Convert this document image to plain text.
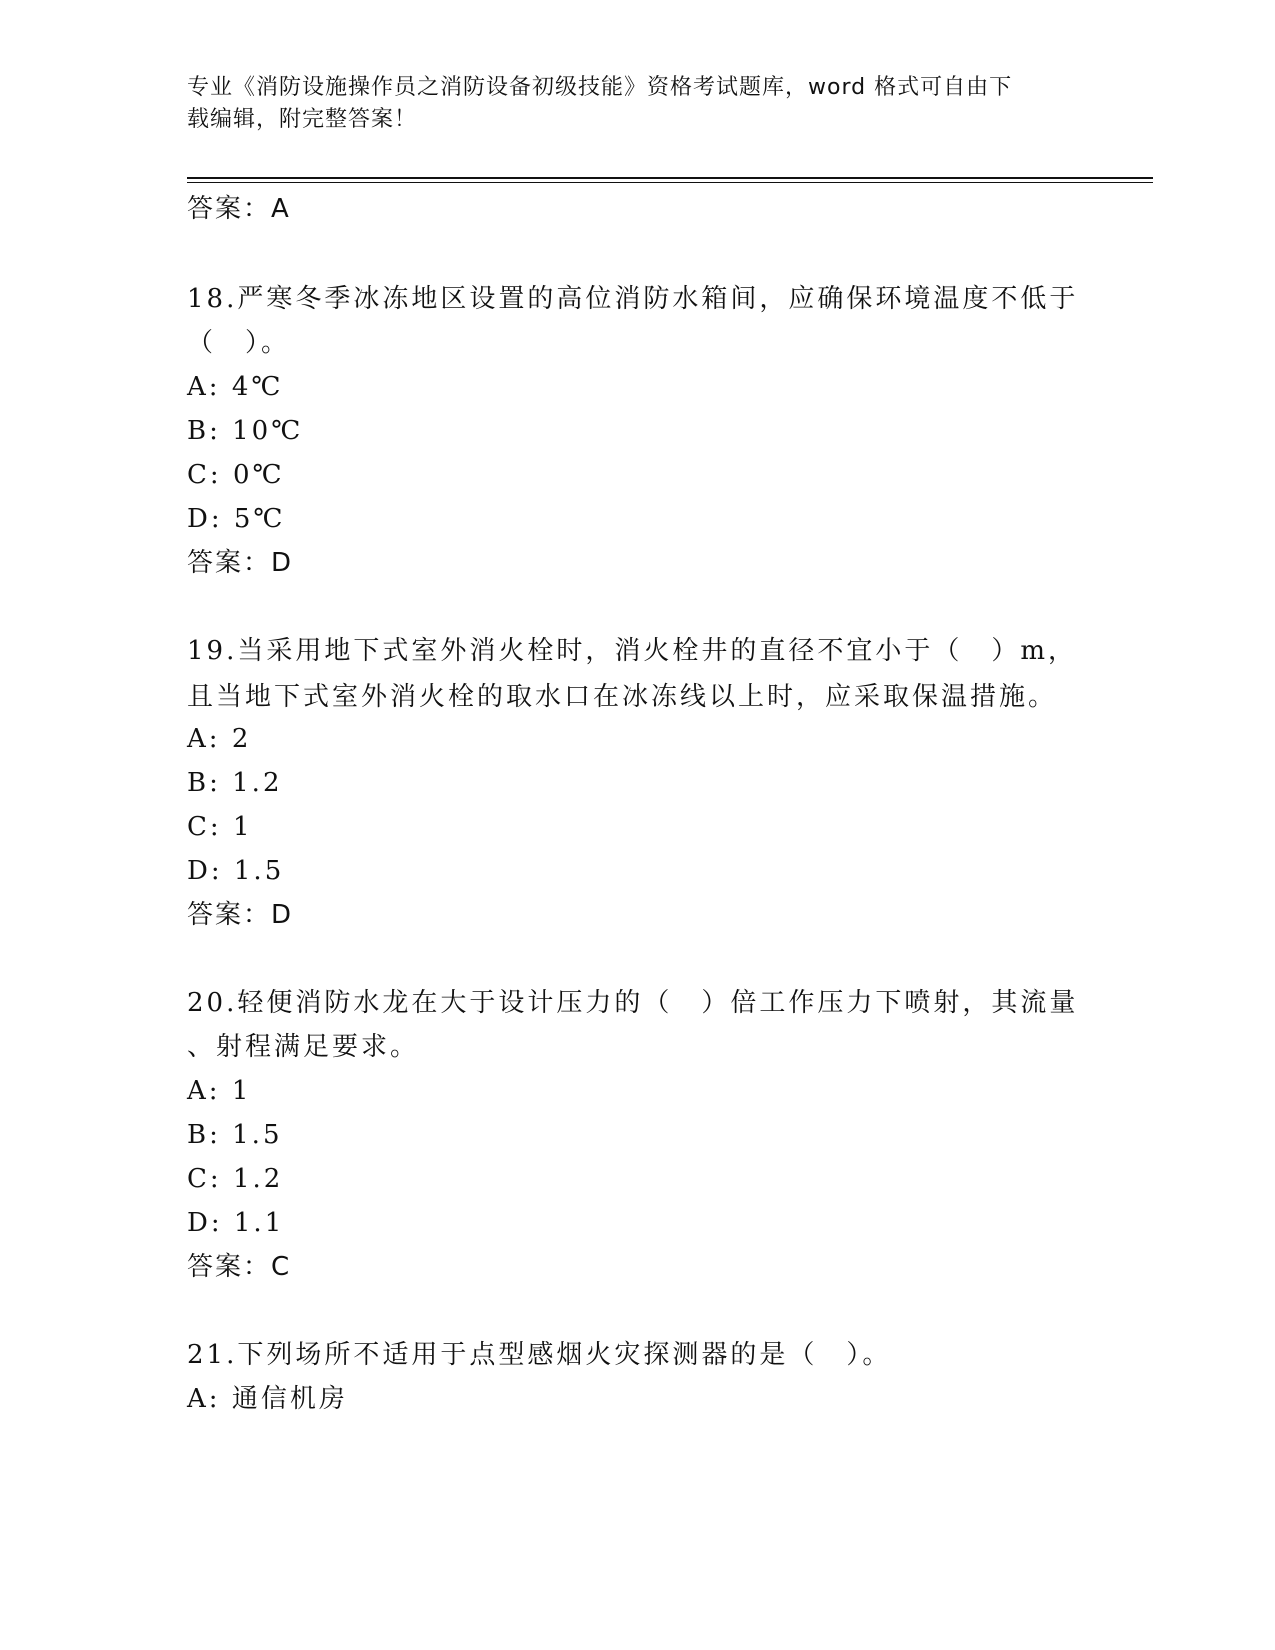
专业《消防设施操作员之消防设备初级技能》资格考试题库，word 格式可自由下
载编辑，附完整答案！
答案：A
18.严寒冬季冰冻地区设置的高位消防水箱间，应确保环境温度不低于
（　）。
A: 4℃
B: 10℃
C: 0℃
D: 5℃
答案：D
19.当采用地下式室外消火栓时，消火栓井的直径不宜小于（　）m，
且当地下式室外消火栓的取水口在冰冻线以上时，应采取保温措施。
A: 2
B: 1.2
C: 1
D: 1.5
答案：D
20.轻便消防水龙在大于设计压力的（　）倍工作压力下喷射，其流量
、射程满足要求。
A: 1
B: 1.5
C: 1.2
D: 1.1
答案：C
21.下列场所不适用于点型感烟火灾探测器的是（　）。
A: 通信机房
